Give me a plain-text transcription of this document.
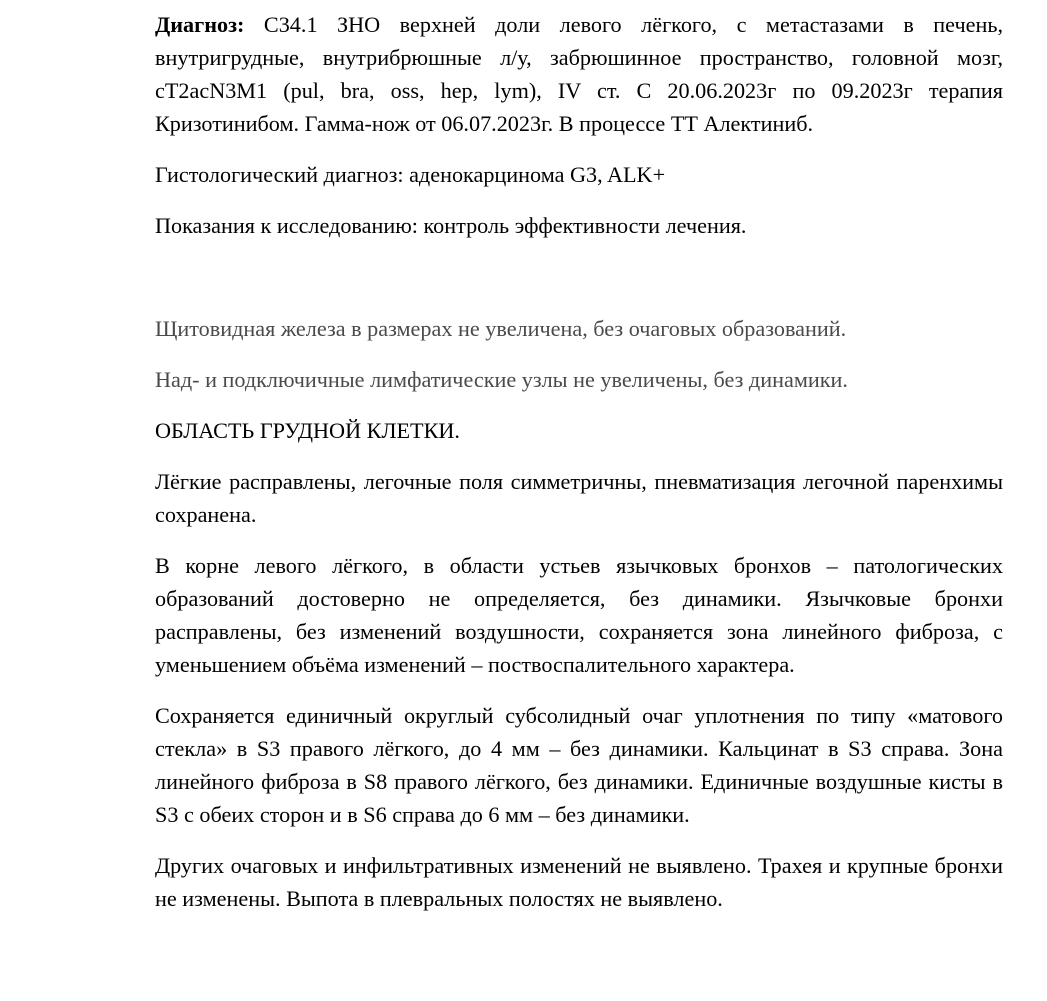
Диагноз: С34.1 ЗНО верхней доли левого лёгкого, с метастазами в печень, внутригрудные, внутрибрюшные л/у, забрюшинное пространство, головной мозг, cT2acN3M1 (pul, bra, oss, hep, lym), IV ст. С 20.06.2023г по 09.2023г терапия Кризотинибом. Гамма-нож от 06.07.2023г. В процессе ТТ Алектиниб.

Гистологический диагноз: аденокарцинома G3, ALK+

Показания к исследованию: контроль эффективности лечения.

Щитовидная железа в размерах не увеличена, без очаговых образований.

Над- и подключичные лимфатические узлы не увеличены, без динамики.

ОБЛАСТЬ ГРУДНОЙ КЛЕТКИ.

Лёгкие расправлены, легочные поля симметричны, пневматизация легочной паренхимы сохранена.

В корне левого лёгкого, в области устьев язычковых бронхов – патологических образований достоверно не определяется, без динамики. Язычковые бронхи расправлены, без изменений воздушности, сохраняется зона линейного фиброза, с уменьшением объёма изменений – поствоспалительного характера.

Сохраняется единичный округлый субсолидный очаг уплотнения по типу «матового стекла» в S3 правого лёгкого, до 4 мм – без динамики. Кальцинат в S3 справа. Зона линейного фиброза в S8 правого лёгкого, без динамики. Единичные воздушные кисты в S3 с обеих сторон и в S6 справа до 6 мм – без динамики.

Других очаговых и инфильтративных изменений не выявлено. Трахея и крупные бронхи не изменены. Выпота в плевральных полостях не выявлено.
